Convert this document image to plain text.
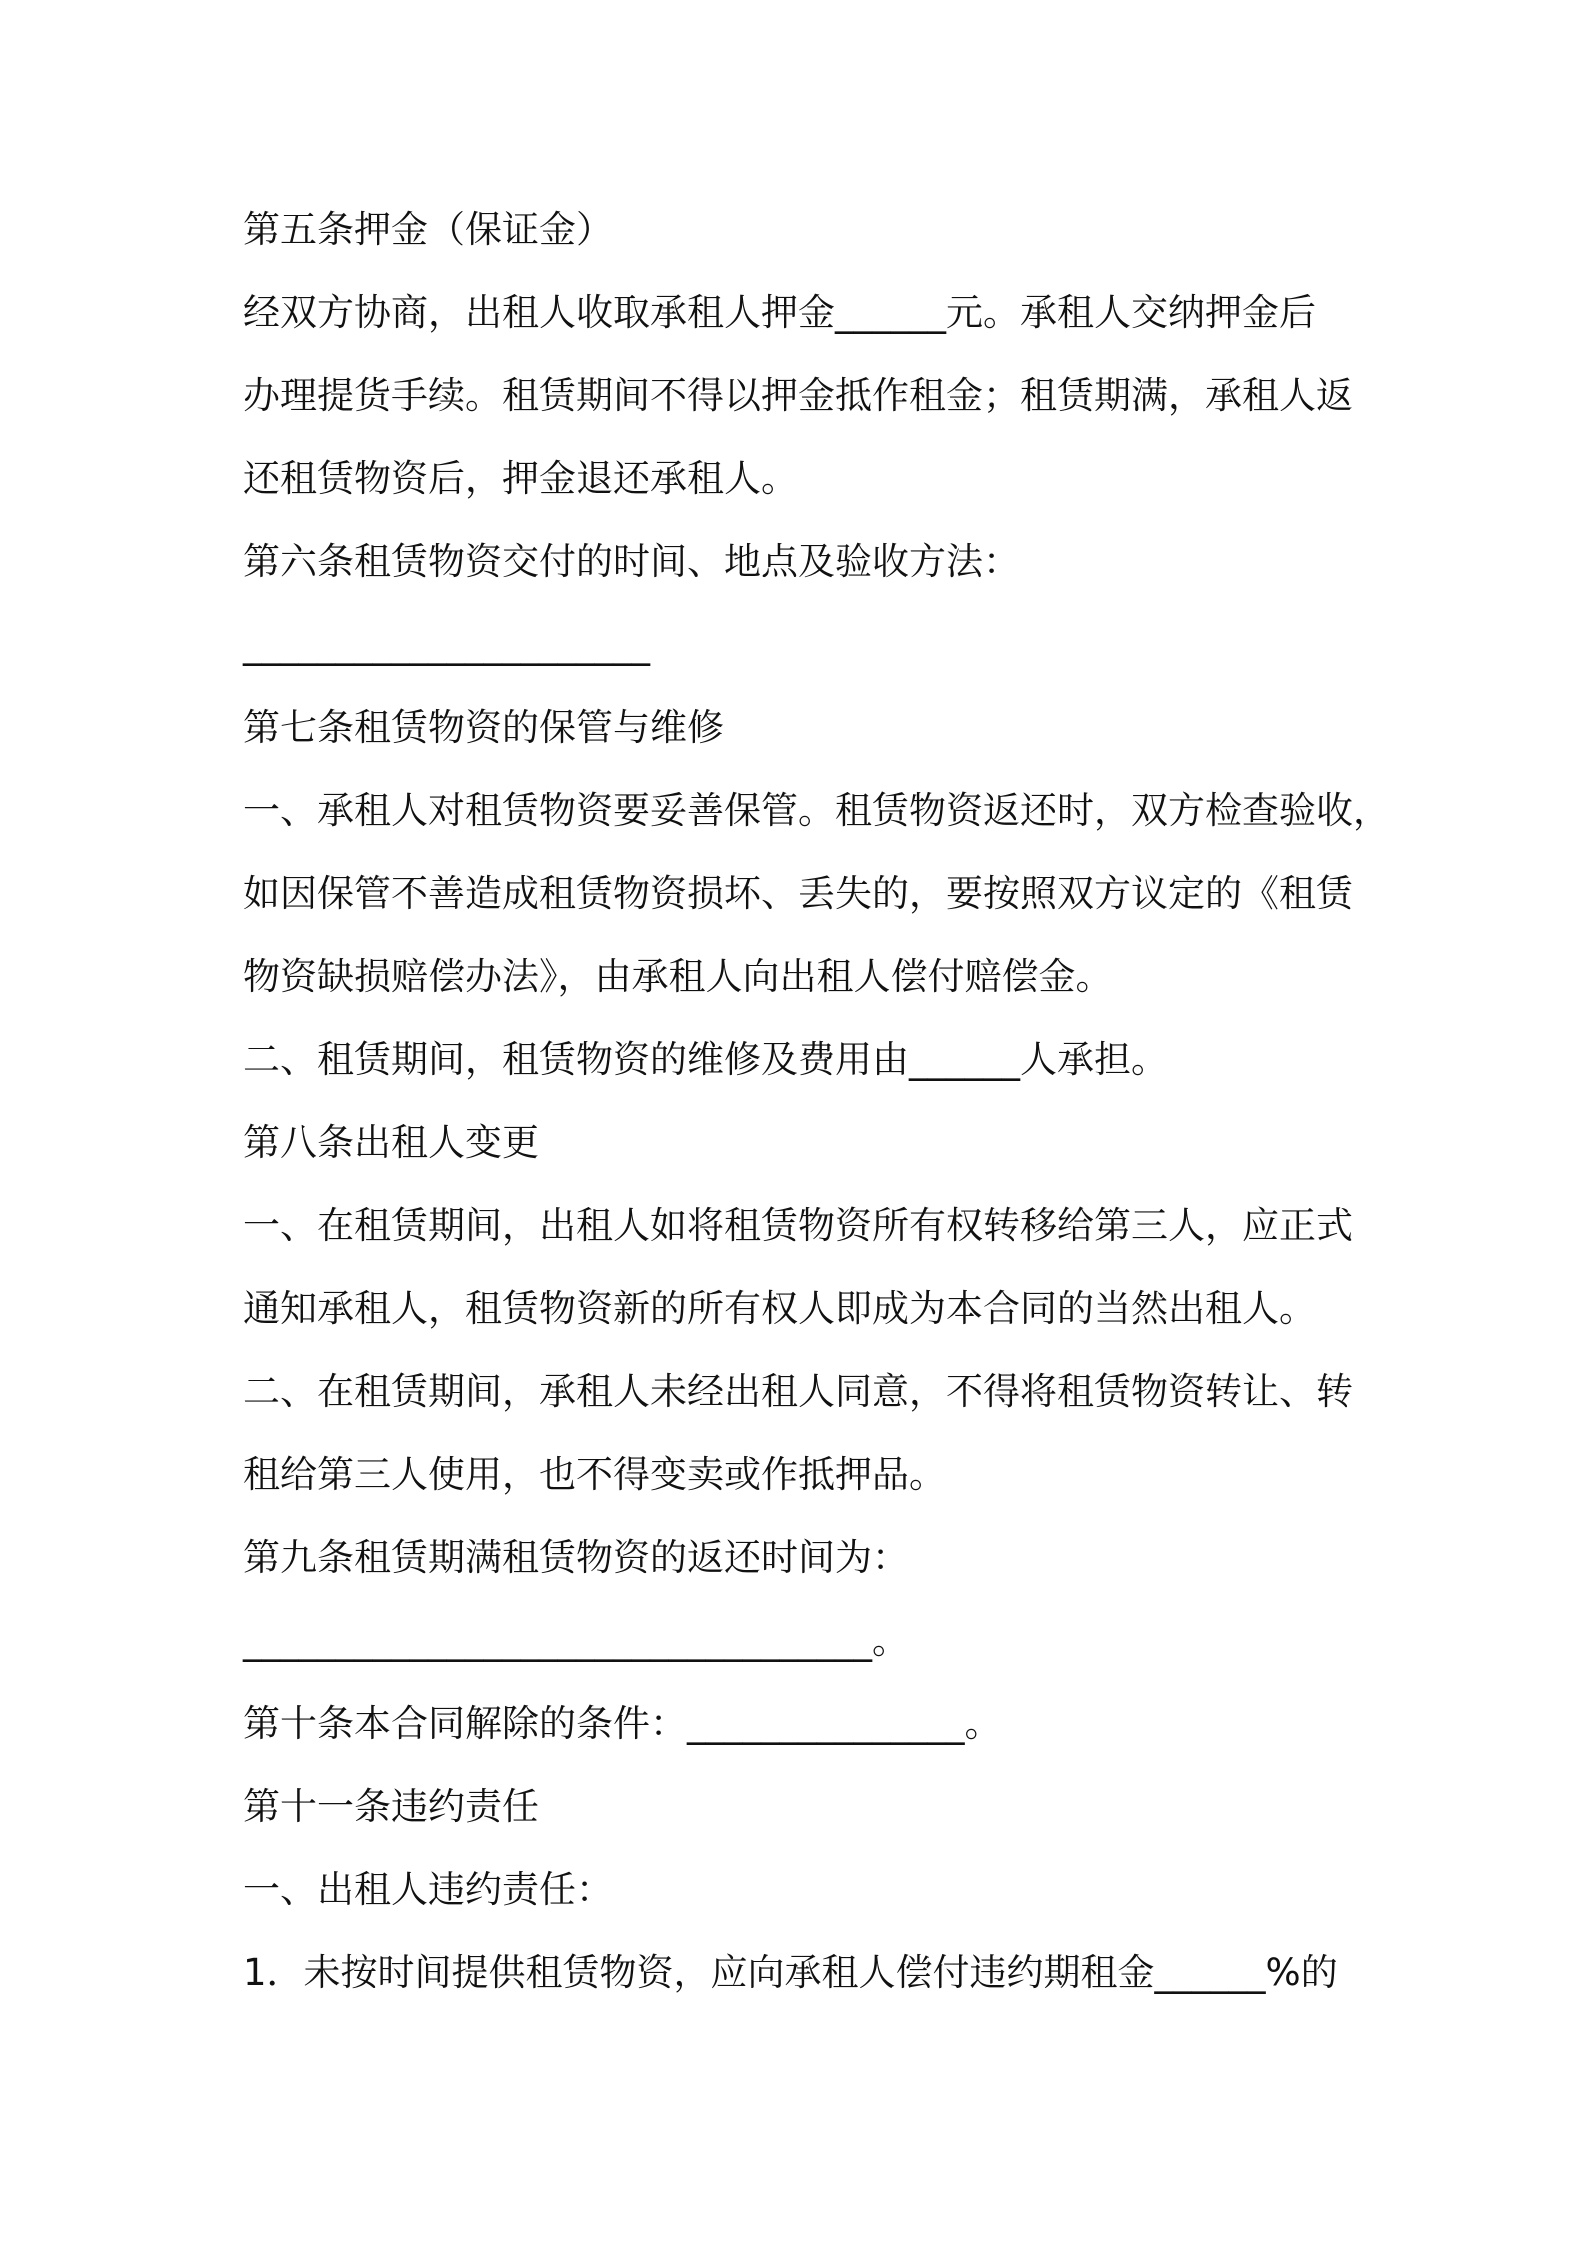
第五条押金（保证金）
经双方协商，出租人收取承租人押金______元。承租人交纳押金后
办理提货手续。租赁期间不得以押金抵作租金；租赁期满，承租人返
还租赁物资后，押金退还承租人。
第六条租赁物资交付的时间、地点及验收方法：
______________________
第七条租赁物资的保管与维修
一、承租人对租赁物资要妥善保管。租赁物资返还时，双方检查验收，
如因保管不善造成租赁物资损坏、丢失的，要按照双方议定的《租赁
物资缺损赔偿办法》，由承租人向出租人偿付赔偿金。
二、租赁期间，租赁物资的维修及费用由______人承担。
第八条出租人变更
一、在租赁期间，出租人如将租赁物资所有权转移给第三人，应正式
通知承租人，租赁物资新的所有权人即成为本合同的当然出租人。
二、在租赁期间，承租人未经出租人同意，不得将租赁物资转让、转
租给第三人使用，也不得变卖或作抵押品。
第九条租赁期满租赁物资的返还时间为：
__________________________________。
第十条本合同解除的条件：_______________。
第十一条违约责任
一、出租人违约责任：
1．未按时间提供租赁物资，应向承租人偿付违约期租金______%的
